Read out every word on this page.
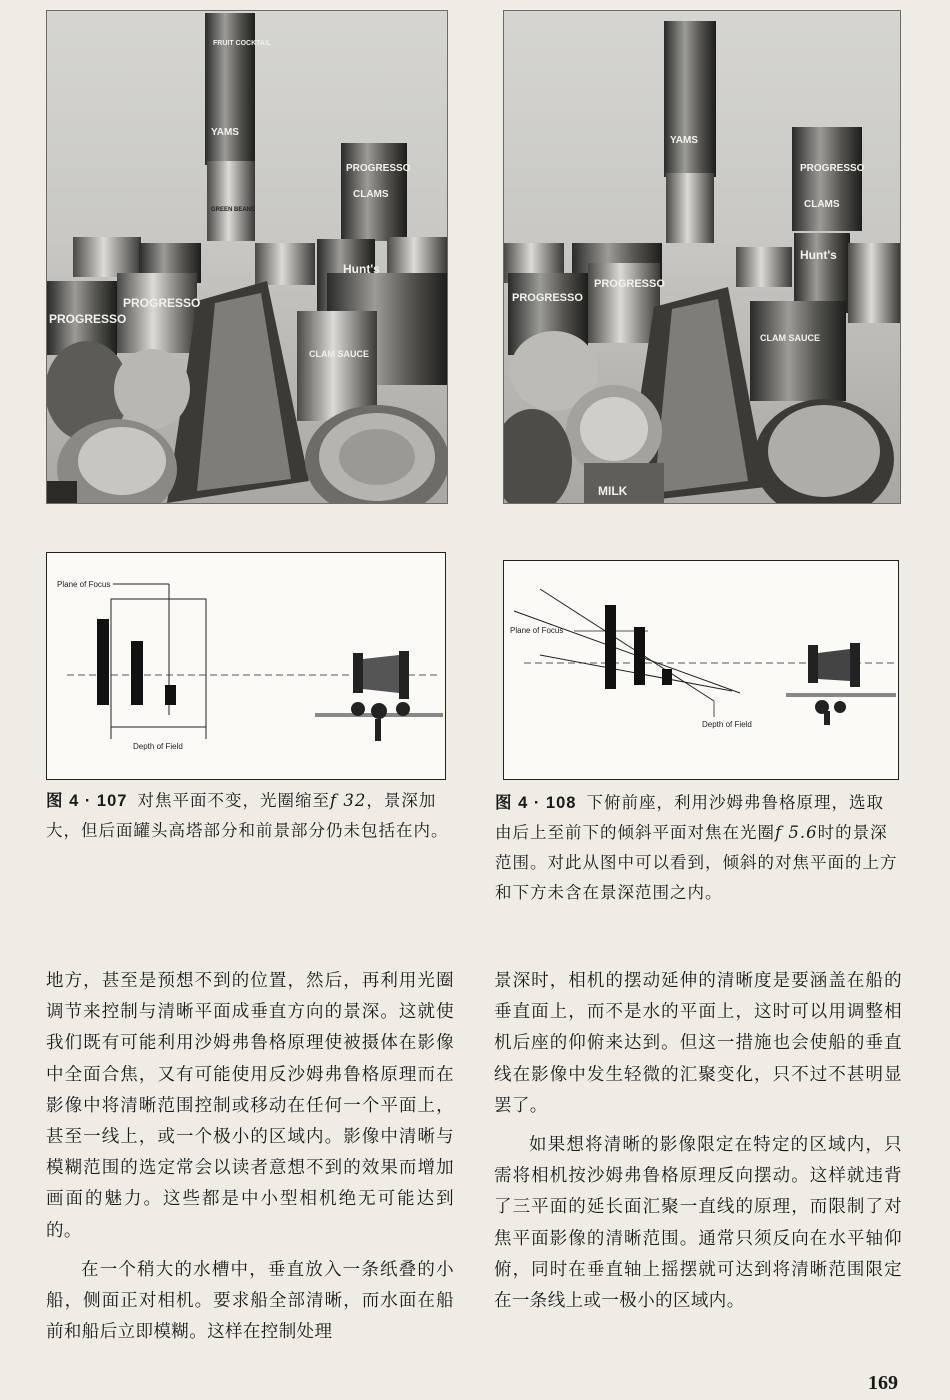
FRUIT COCKTAIL
YAMS
GREEN BEANS
PROGRESSO
CLAMS
Hunt's
PROGRESSO
PROGRESSO
CLAM SAUCE
YAMS
PROGRESSO
CLAMS
Hunt's
PROGRESSO
PROGRESSO
CLAM SAUCE
MILK
Plane of Focus
Depth of Field
Plane of Focus
Depth of Field
图 4 · 107 对焦平面不变，光圈缩至f 32，景深加大，但后面罐头高塔部分和前景部分仍未包括在内。
图 4 · 108 下俯前座，利用沙姆弗鲁格原理，选取由后上至前下的倾斜平面对焦在光圈f 5.6时的景深范围。对此从图中可以看到，倾斜的对焦平面的上方和下方未含在景深范围之内。

地方，甚至是预想不到的位置，然后，再利用光圈调节来控制与清晰平面成垂直方向的景深。这就使我们既有可能利用沙姆弗鲁格原理使被摄体在影像中全面合焦，又有可能使用反沙姆弗鲁格原理而在影像中将清晰范围控制或移动在任何一个平面上，甚至一线上，或一个极小的区域内。影像中清晰与模糊范围的选定常会以读者意想不到的效果而增加画面的魅力。这些都是中小型相机绝无可能达到的。

在一个稍大的水槽中，垂直放入一条纸叠的小船，侧面正对相机。要求船全部清晰，而水面在船前和船后立即模糊。这样在控制处理

景深时，相机的摆动延伸的清晰度是要涵盖在船的垂直面上，而不是水的平面上，这时可以用调整相机后座的仰俯来达到。但这一措施也会使船的垂直线在影像中发生轻微的汇聚变化，只不过不甚明显罢了。

如果想将清晰的影像限定在特定的区域内，只需将相机按沙姆弗鲁格原理反向摆动。这样就违背了三平面的延长面汇聚一直线的原理，而限制了对焦平面影像的清晰范围。通常只须反向在水平轴仰俯，同时在垂直轴上摇摆就可达到将清晰范围限定在一条线上或一极小的区域内。

169
